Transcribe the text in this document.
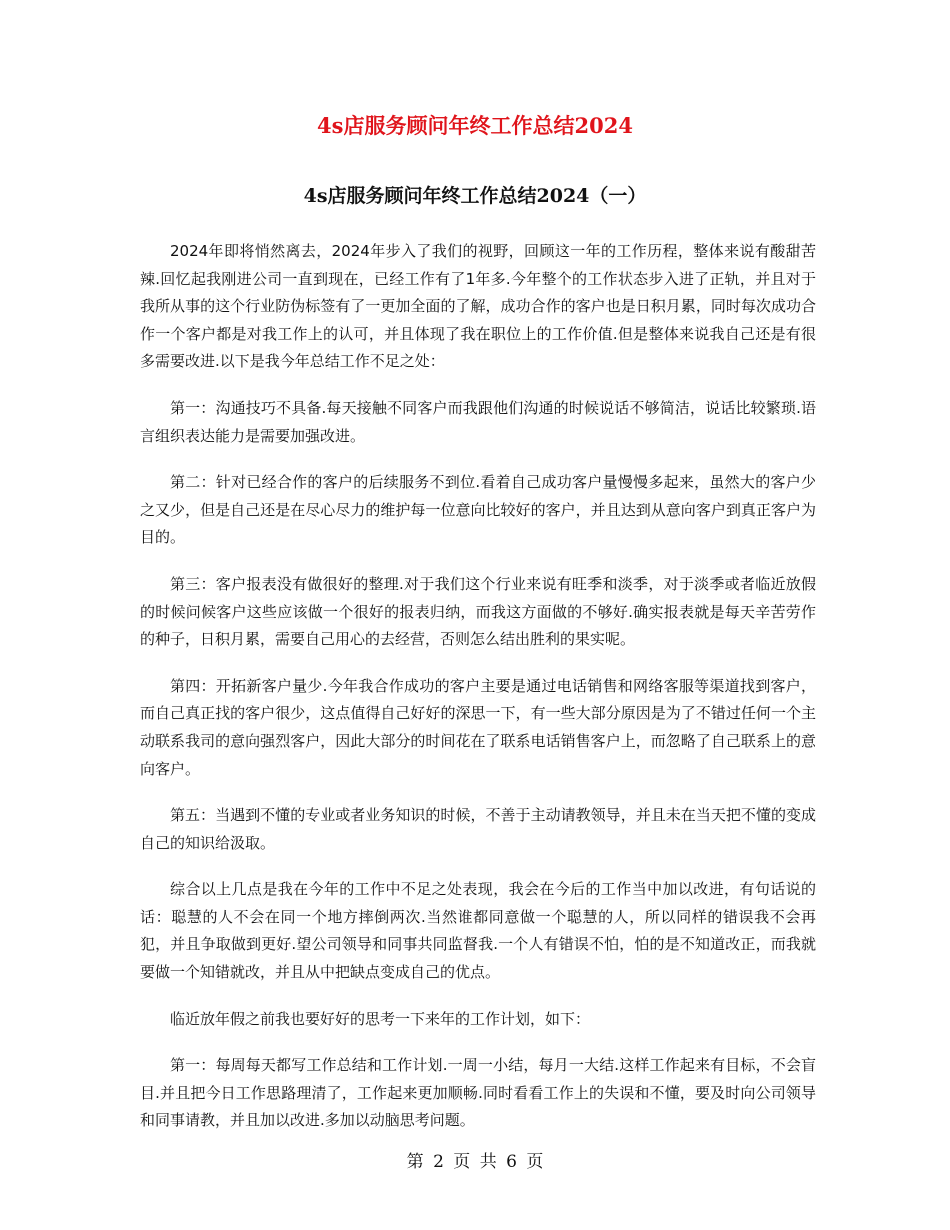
4s店服务顾问年终工作总结2024
4s店服务顾问年终工作总结2024（一）

2024年即将悄然离去，2024年步入了我们的视野，回顾这一年的工作历程，整体来说有酸甜苦辣.回忆起我刚进公司一直到现在，已经工作有了1年多.今年整个的工作状态步入进了正轨，并且对于我所从事的这个行业防伪标签有了一更加全面的了解，成功合作的客户也是日积月累，同时每次成功合作一个客户都是对我工作上的认可，并且体现了我在职位上的工作价值.但是整体来说我自己还是有很多需要改进.以下是我今年总结工作不足之处：

第一：沟通技巧不具备.每天接触不同客户而我跟他们沟通的时候说话不够简洁，说话比较繁琐.语言组织表达能力是需要加强改进。

第二：针对已经合作的客户的后续服务不到位.看着自己成功客户量慢慢多起来，虽然大的客户少之又少，但是自己还是在尽心尽力的维护每一位意向比较好的客户，并且达到从意向客户到真正客户为目的。

第三：客户报表没有做很好的整理.对于我们这个行业来说有旺季和淡季，对于淡季或者临近放假的时候问候客户这些应该做一个很好的报表归纳，而我这方面做的不够好.确实报表就是每天辛苦劳作的种子，日积月累，需要自己用心的去经营，否则怎么结出胜利的果实呢。

第四：开拓新客户量少.今年我合作成功的客户主要是通过电话销售和网络客服等渠道找到客户，而自己真正找的客户很少，这点值得自己好好的深思一下，有一些大部分原因是为了不错过任何一个主动联系我司的意向强烈客户，因此大部分的时间花在了联系电话销售客户上，而忽略了自己联系上的意向客户。

第五：当遇到不懂的专业或者业务知识的时候，不善于主动请教领导，并且未在当天把不懂的变成自己的知识给汲取。

综合以上几点是我在今年的工作中不足之处表现，我会在今后的工作当中加以改进，有句话说的话：聪慧的人不会在同一个地方摔倒两次.当然谁都同意做一个聪慧的人，所以同样的错误我不会再犯，并且争取做到更好.望公司领导和同事共同监督我.一个人有错误不怕，怕的是不知道改正，而我就要做一个知错就改，并且从中把缺点变成自己的优点。

临近放年假之前我也要好好的思考一下来年的工作计划，如下：

第一：每周每天都写工作总结和工作计划.一周一小结，每月一大结.这样工作起来有目标，不会盲目.并且把今日工作思路理清了，工作起来更加顺畅.同时看看工作上的失误和不懂，要及时向公司领导和同事请教，并且加以改进.多加以动脑思考问题。

第 2 页 共 6 页
